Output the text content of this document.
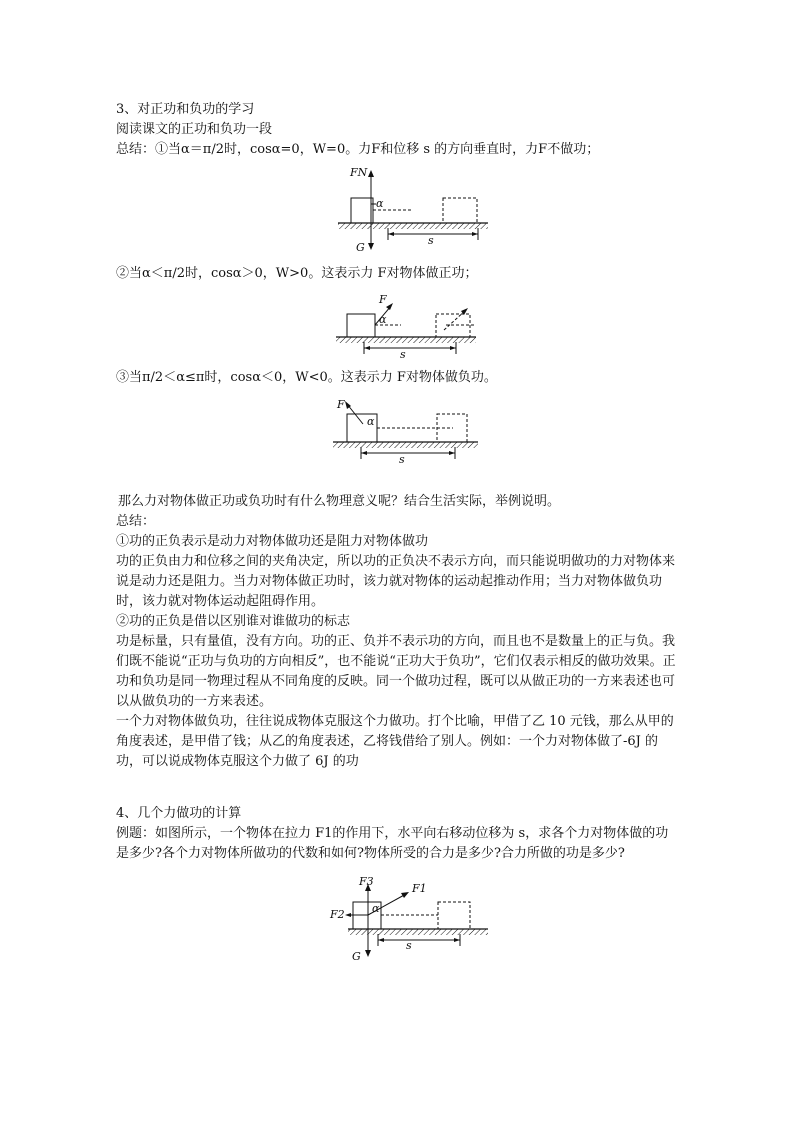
3、对正功和负功的学习
阅读课文的正功和负功一段
总结：①当α＝π/2时，cosα=0，W=0。力F和位移 s 的方向垂直时，力F不做功；
FN
G
α
s
②当α＜π/2时，cosα＞0，W>0。这表示力 F对物体做正功；
F
α
s
③当π/2＜α≤π时，cosα＜0，W<0。这表示力 F对物体做负功。
F
α
s
那么力对物体做正功或负功时有什么物理意义呢？结合生活实际，举例说明。
总结：
①功的正负表示是动力对物体做功还是阻力对物体做功
功的正负由力和位移之间的夹角决定，所以功的正负决不表示方向，而只能说明做功的力对物体来说是动力还是阻力。当力对物体做正功时，该力就对物体的运动起推动作用；当力对物体做负功时，该力就对物体运动起阻碍作用。
②功的正负是借以区别谁对谁做功的标志
功是标量，只有量值，没有方向。功的正、负并不表示功的方向，而且也不是数量上的正与负。我们既不能说“正功与负功的方向相反”，也不能说“正功大于负功”，它们仅表示相反的做功效果。正功和负功是同一物理过程从不同角度的反映。同一个做功过程，既可以从做正功的一方来表述也可以从做负功的一方来表述。
一个力对物体做负功，往往说成物体克服这个力做功。打个比喻，甲借了乙 10 元钱，那么从甲的角度表述，是甲借了钱；从乙的角度表述，乙将钱借给了别人。例如：一个力对物体做了-6J 的功，可以说成物体克服这个力做了 6J 的功
4、几个力做功的计算
例题：如图所示，一个物体在拉力 F1的作用下，水平向右移动位移为 s，求各个力对物体做的功是多少?各个力对物体所做功的代数和如何?物体所受的合力是多少?合力所做的功是多少?
F3
F1
F2
G
α
s
